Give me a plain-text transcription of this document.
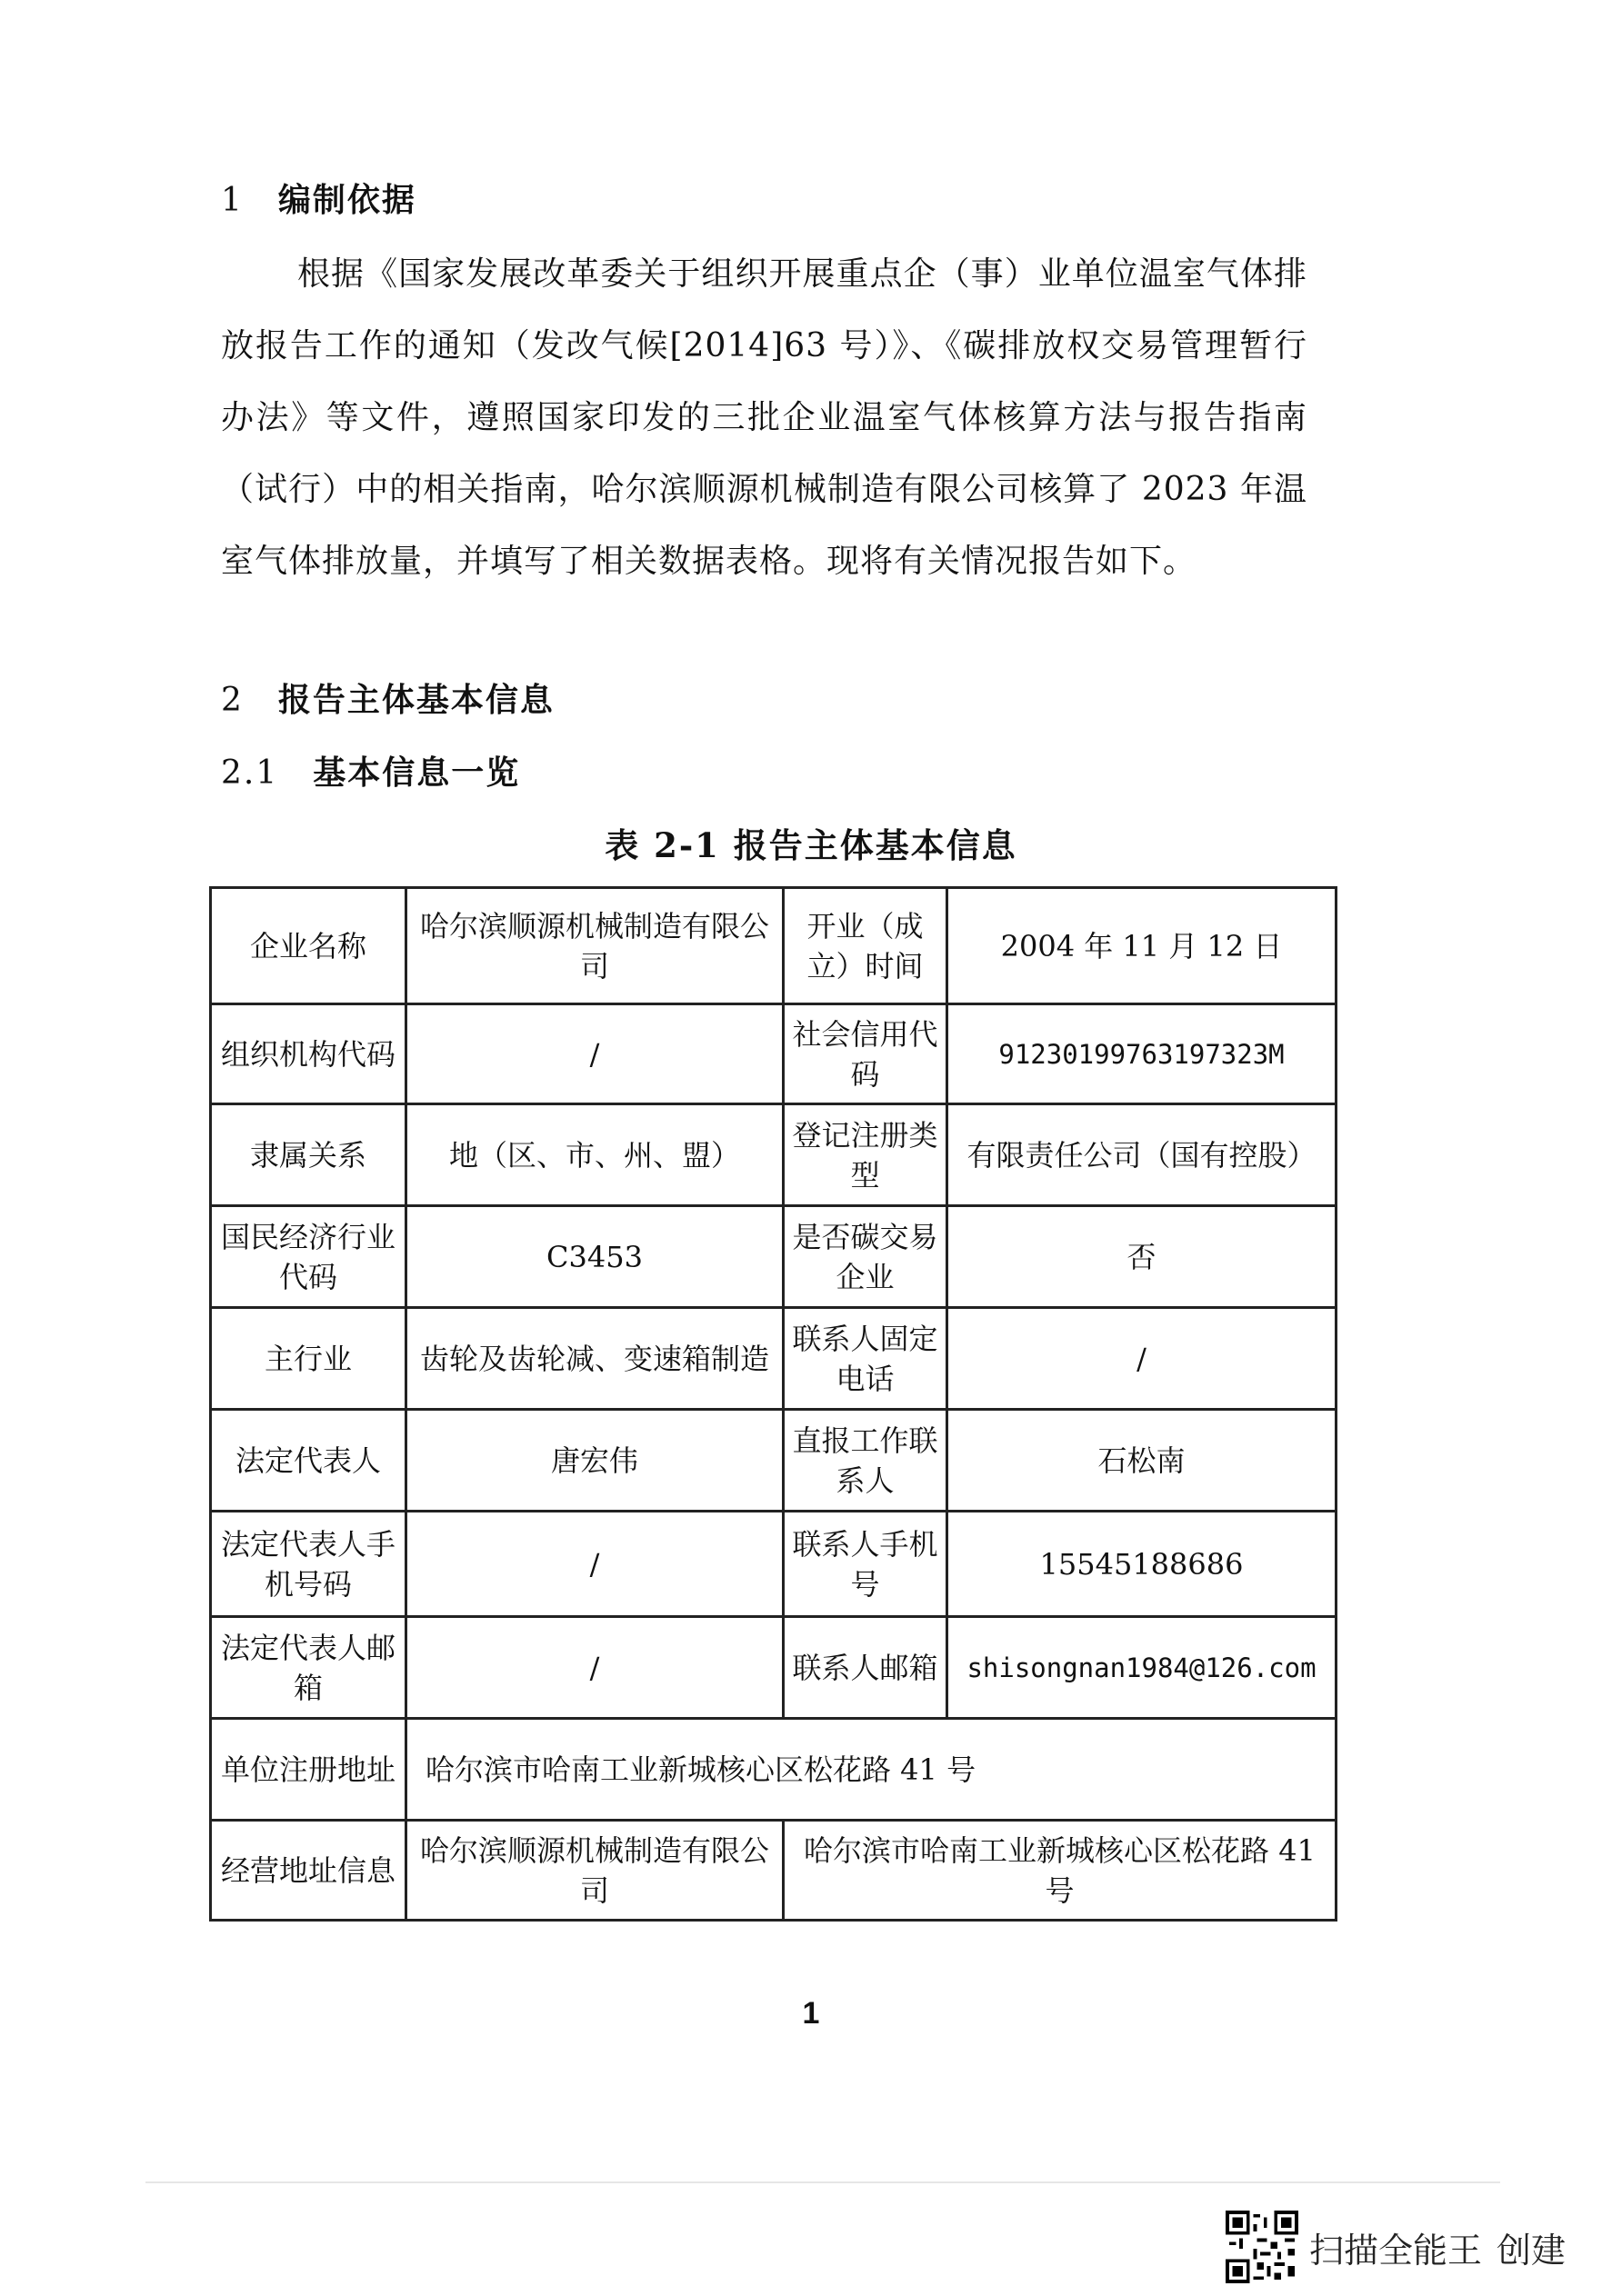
1 编制依据

根据《国家发展改革委关于组织开展重点企（事）业单位温室气体排放报告工作的通知（发改气候[2014]63 号）》、《碳排放权交易管理暂行办法》等文件，遵照国家印发的三批企业温室气体核算方法与报告指南（试行）中的相关指南，哈尔滨顺源机械制造有限公司核算了 2023 年温室气体排放量，并填写了相关数据表格。现将有关情况报告如下。

2 报告主体基本信息
2.1 基本信息一览
表 2-1 报告主体基本信息
企业名称	哈尔滨顺源机械制造有限公司	开业（成立）时间	2004 年 11 月 12 日
组织机构代码	/	社会信用代码	91230199763197323M
隶属关系	地（区、市、州、盟）	登记注册类型	有限责任公司（国有控股）
国民经济行业代码	C3453	是否碳交易企业	否
主行业	齿轮及齿轮减、变速箱制造	联系人固定电话	/
法定代表人	唐宏伟	直报工作联系人	石松南
法定代表人手机号码	/	联系人手机号	15545188686
法定代表人邮箱	/	联系人邮箱	shisongnan1984@126.com
单位注册地址	哈尔滨市哈南工业新城核心区松花路 41 号		
经营地址信息	哈尔滨顺源机械制造有限公司	哈尔滨市哈南工业新城核心区松花路 41 号	
1
扫描全能王 创建
